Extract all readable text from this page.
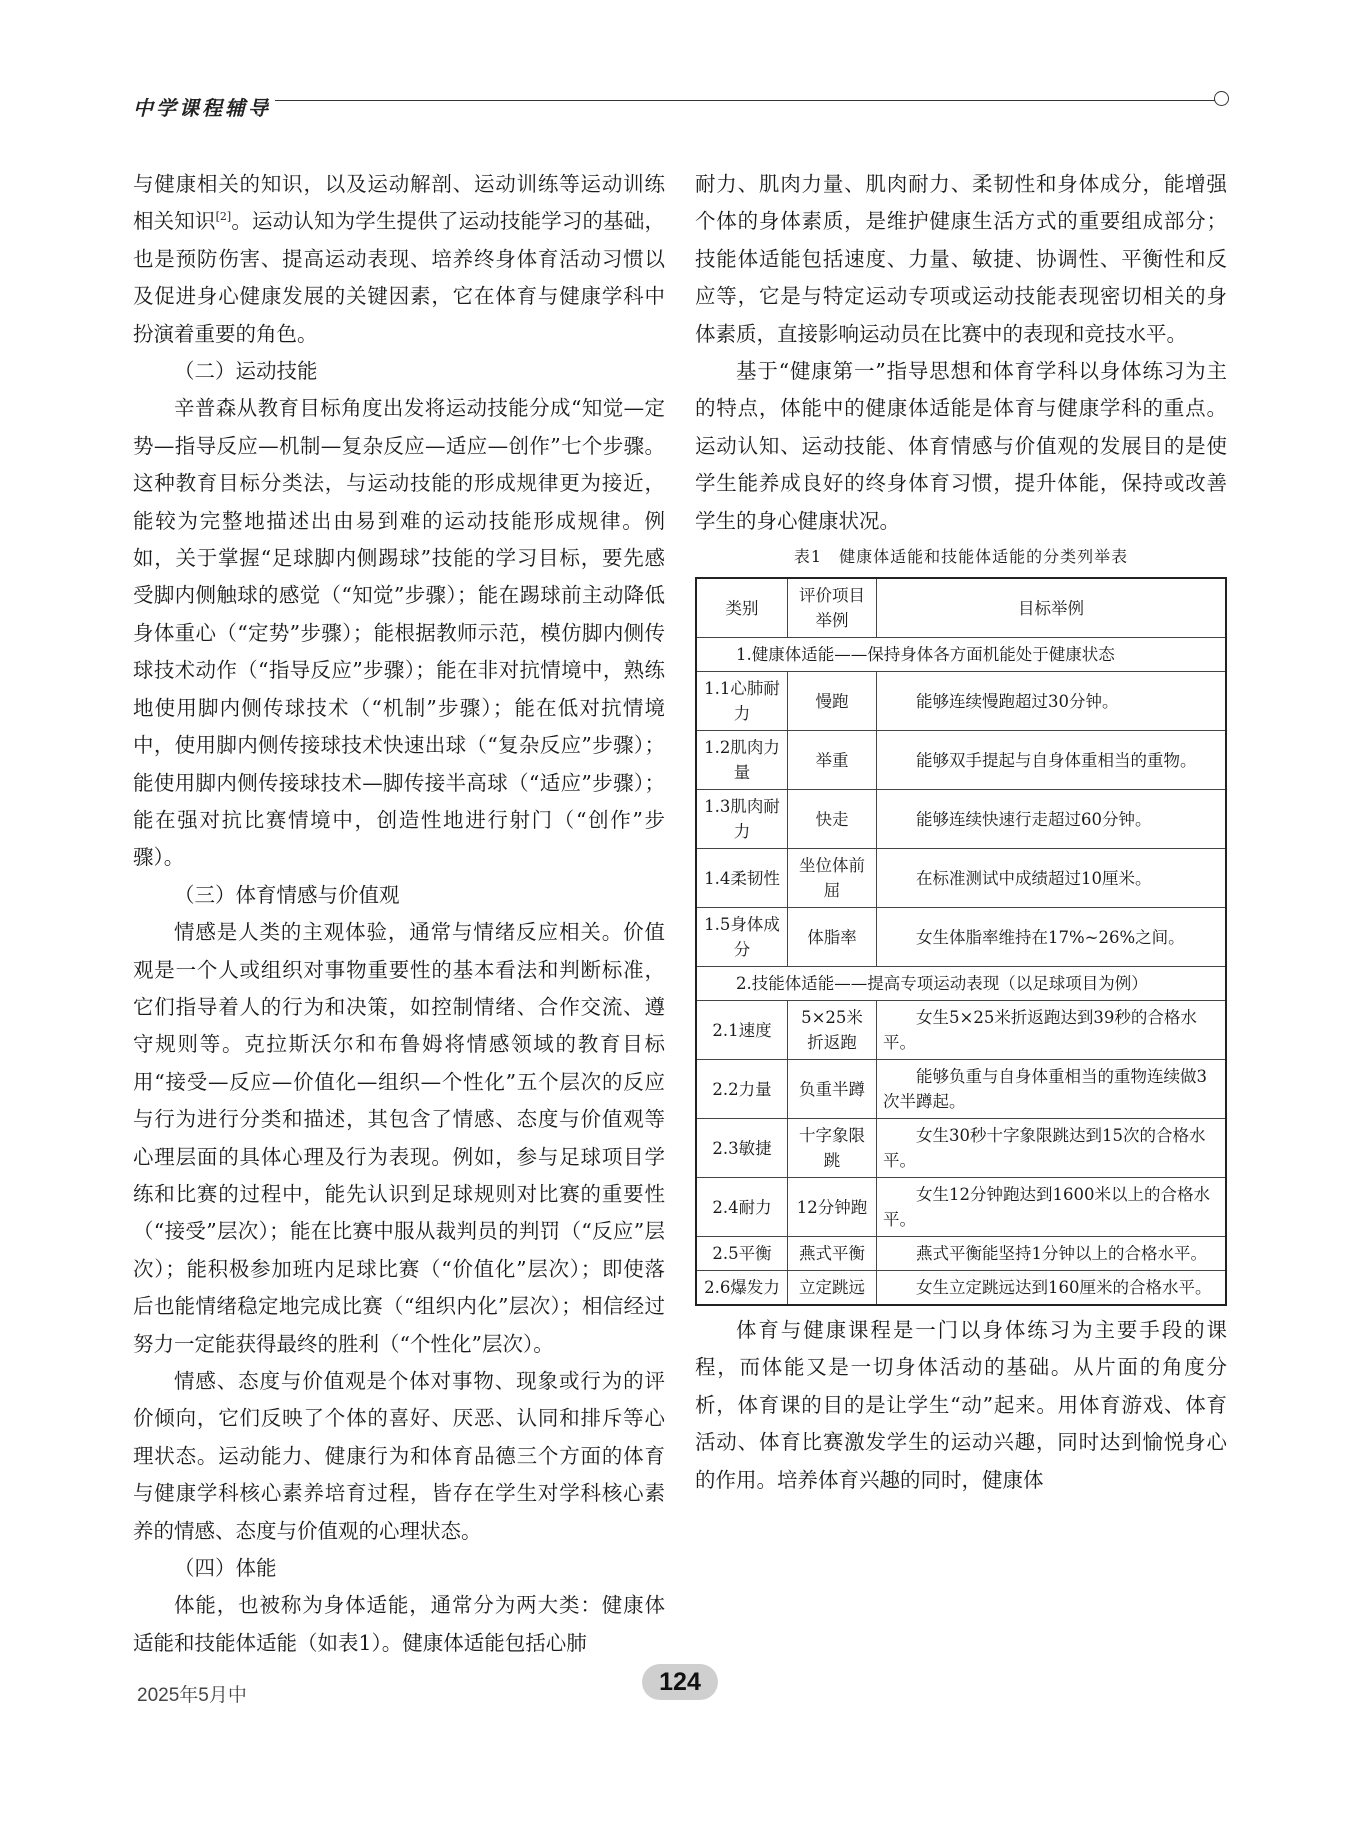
中学课程辅导

与健康相关的知识，以及运动解剖、运动训练等运动训练相关知识[2]。运动认知为学生提供了运动技能学习的基础，也是预防伤害、提高运动表现、培养终身体育活动习惯以及促进身心健康发展的关键因素，它在体育与健康学科中扮演着重要的角色。

（二）运动技能

辛普森从教育目标角度出发将运动技能分成“知觉—定势—指导反应—机制—复杂反应—适应—创作”七个步骤。这种教育目标分类法，与运动技能的形成规律更为接近，能较为完整地描述出由易到难的运动技能形成规律。例如，关于掌握“足球脚内侧踢球”技能的学习目标，要先感受脚内侧触球的感觉（“知觉”步骤）；能在踢球前主动降低身体重心（“定势”步骤）；能根据教师示范，模仿脚内侧传球技术动作（“指导反应”步骤）；能在非对抗情境中，熟练地使用脚内侧传球技术（“机制”步骤）；能在低对抗情境中，使用脚内侧传接球技术快速出球（“复杂反应”步骤）；能使用脚内侧传接球技术—脚传接半高球（“适应”步骤）；能在强对抗比赛情境中，创造性地进行射门（“创作”步骤）。

（三）体育情感与价值观

情感是人类的主观体验，通常与情绪反应相关。价值观是一个人或组织对事物重要性的基本看法和判断标准，它们指导着人的行为和决策，如控制情绪、合作交流、遵守规则等。克拉斯沃尔和布鲁姆将情感领域的教育目标用“接受—反应—价值化—组织—个性化”五个层次的反应与行为进行分类和描述，其包含了情感、态度与价值观等心理层面的具体心理及行为表现。例如，参与足球项目学练和比赛的过程中，能先认识到足球规则对比赛的重要性（“接受”层次）；能在比赛中服从裁判员的判罚（“反应”层次）；能积极参加班内足球比赛（“价值化”层次）；即使落后也能情绪稳定地完成比赛（“组织内化”层次）；相信经过努力一定能获得最终的胜利（“个性化”层次）。

情感、态度与价值观是个体对事物、现象或行为的评价倾向，它们反映了个体的喜好、厌恶、认同和排斥等心理状态。运动能力、健康行为和体育品德三个方面的体育与健康学科核心素养培育过程，皆存在学生对学科核心素养的情感、态度与价值观的心理状态。

（四）体能

体能，也被称为身体适能，通常分为两大类：健康体适能和技能体适能（如表1）。健康体适能包括心肺

耐力、肌肉力量、肌肉耐力、柔韧性和身体成分，能增强个体的身体素质，是维护健康生活方式的重要组成部分；技能体适能包括速度、力量、敏捷、协调性、平衡性和反应等，它是与特定运动专项或运动技能表现密切相关的身体素质，直接影响运动员在比赛中的表现和竞技水平。

基于“健康第一”指导思想和体育学科以身体练习为主的特点，体能中的健康体适能是体育与健康学科的重点。运动认知、运动技能、体育情感与价值观的发展目的是使学生能养成良好的终身体育习惯，提升体能，保持或改善学生的身心健康状况。

表1　健康体适能和技能体适能的分类列举表
类别	评价项目举例	目标举例
1.健康体适能——保持身体各方面机能处于健康状态		
1.1心肺耐力	慢跑	能够连续慢跑超过30分钟。
1.2肌肉力量	举重	能够双手提起与自身体重相当的重物。
1.3肌肉耐力	快走	能够连续快速行走超过60分钟。
1.4柔韧性	坐位体前屈	在标准测试中成绩超过10厘米。
1.5身体成分	体脂率	女生体脂率维持在17%~26%之间。
2.技能体适能——提高专项运动表现（以足球项目为例）		
2.1速度	5×25米折返跑	女生5×25米折返跑达到39秒的合格水平。
2.2力量	负重半蹲	能够负重与自身体重相当的重物连续做3次半蹲起。
2.3敏捷	十字象限跳	女生30秒十字象限跳达到15次的合格水平。
2.4耐力	12分钟跑	女生12分钟跑达到1600米以上的合格水平。
2.5平衡	燕式平衡	燕式平衡能坚持1分钟以上的合格水平。
2.6爆发力	立定跳远	女生立定跳远达到160厘米的合格水平。

体育与健康课程是一门以身体练习为主要手段的课程，而体能又是一切身体活动的基础。从片面的角度分析，体育课的目的是让学生“动”起来。用体育游戏、体育活动、体育比赛激发学生的运动兴趣，同时达到愉悦身心的作用。培养体育兴趣的同时，健康体

2025年5月中	124
